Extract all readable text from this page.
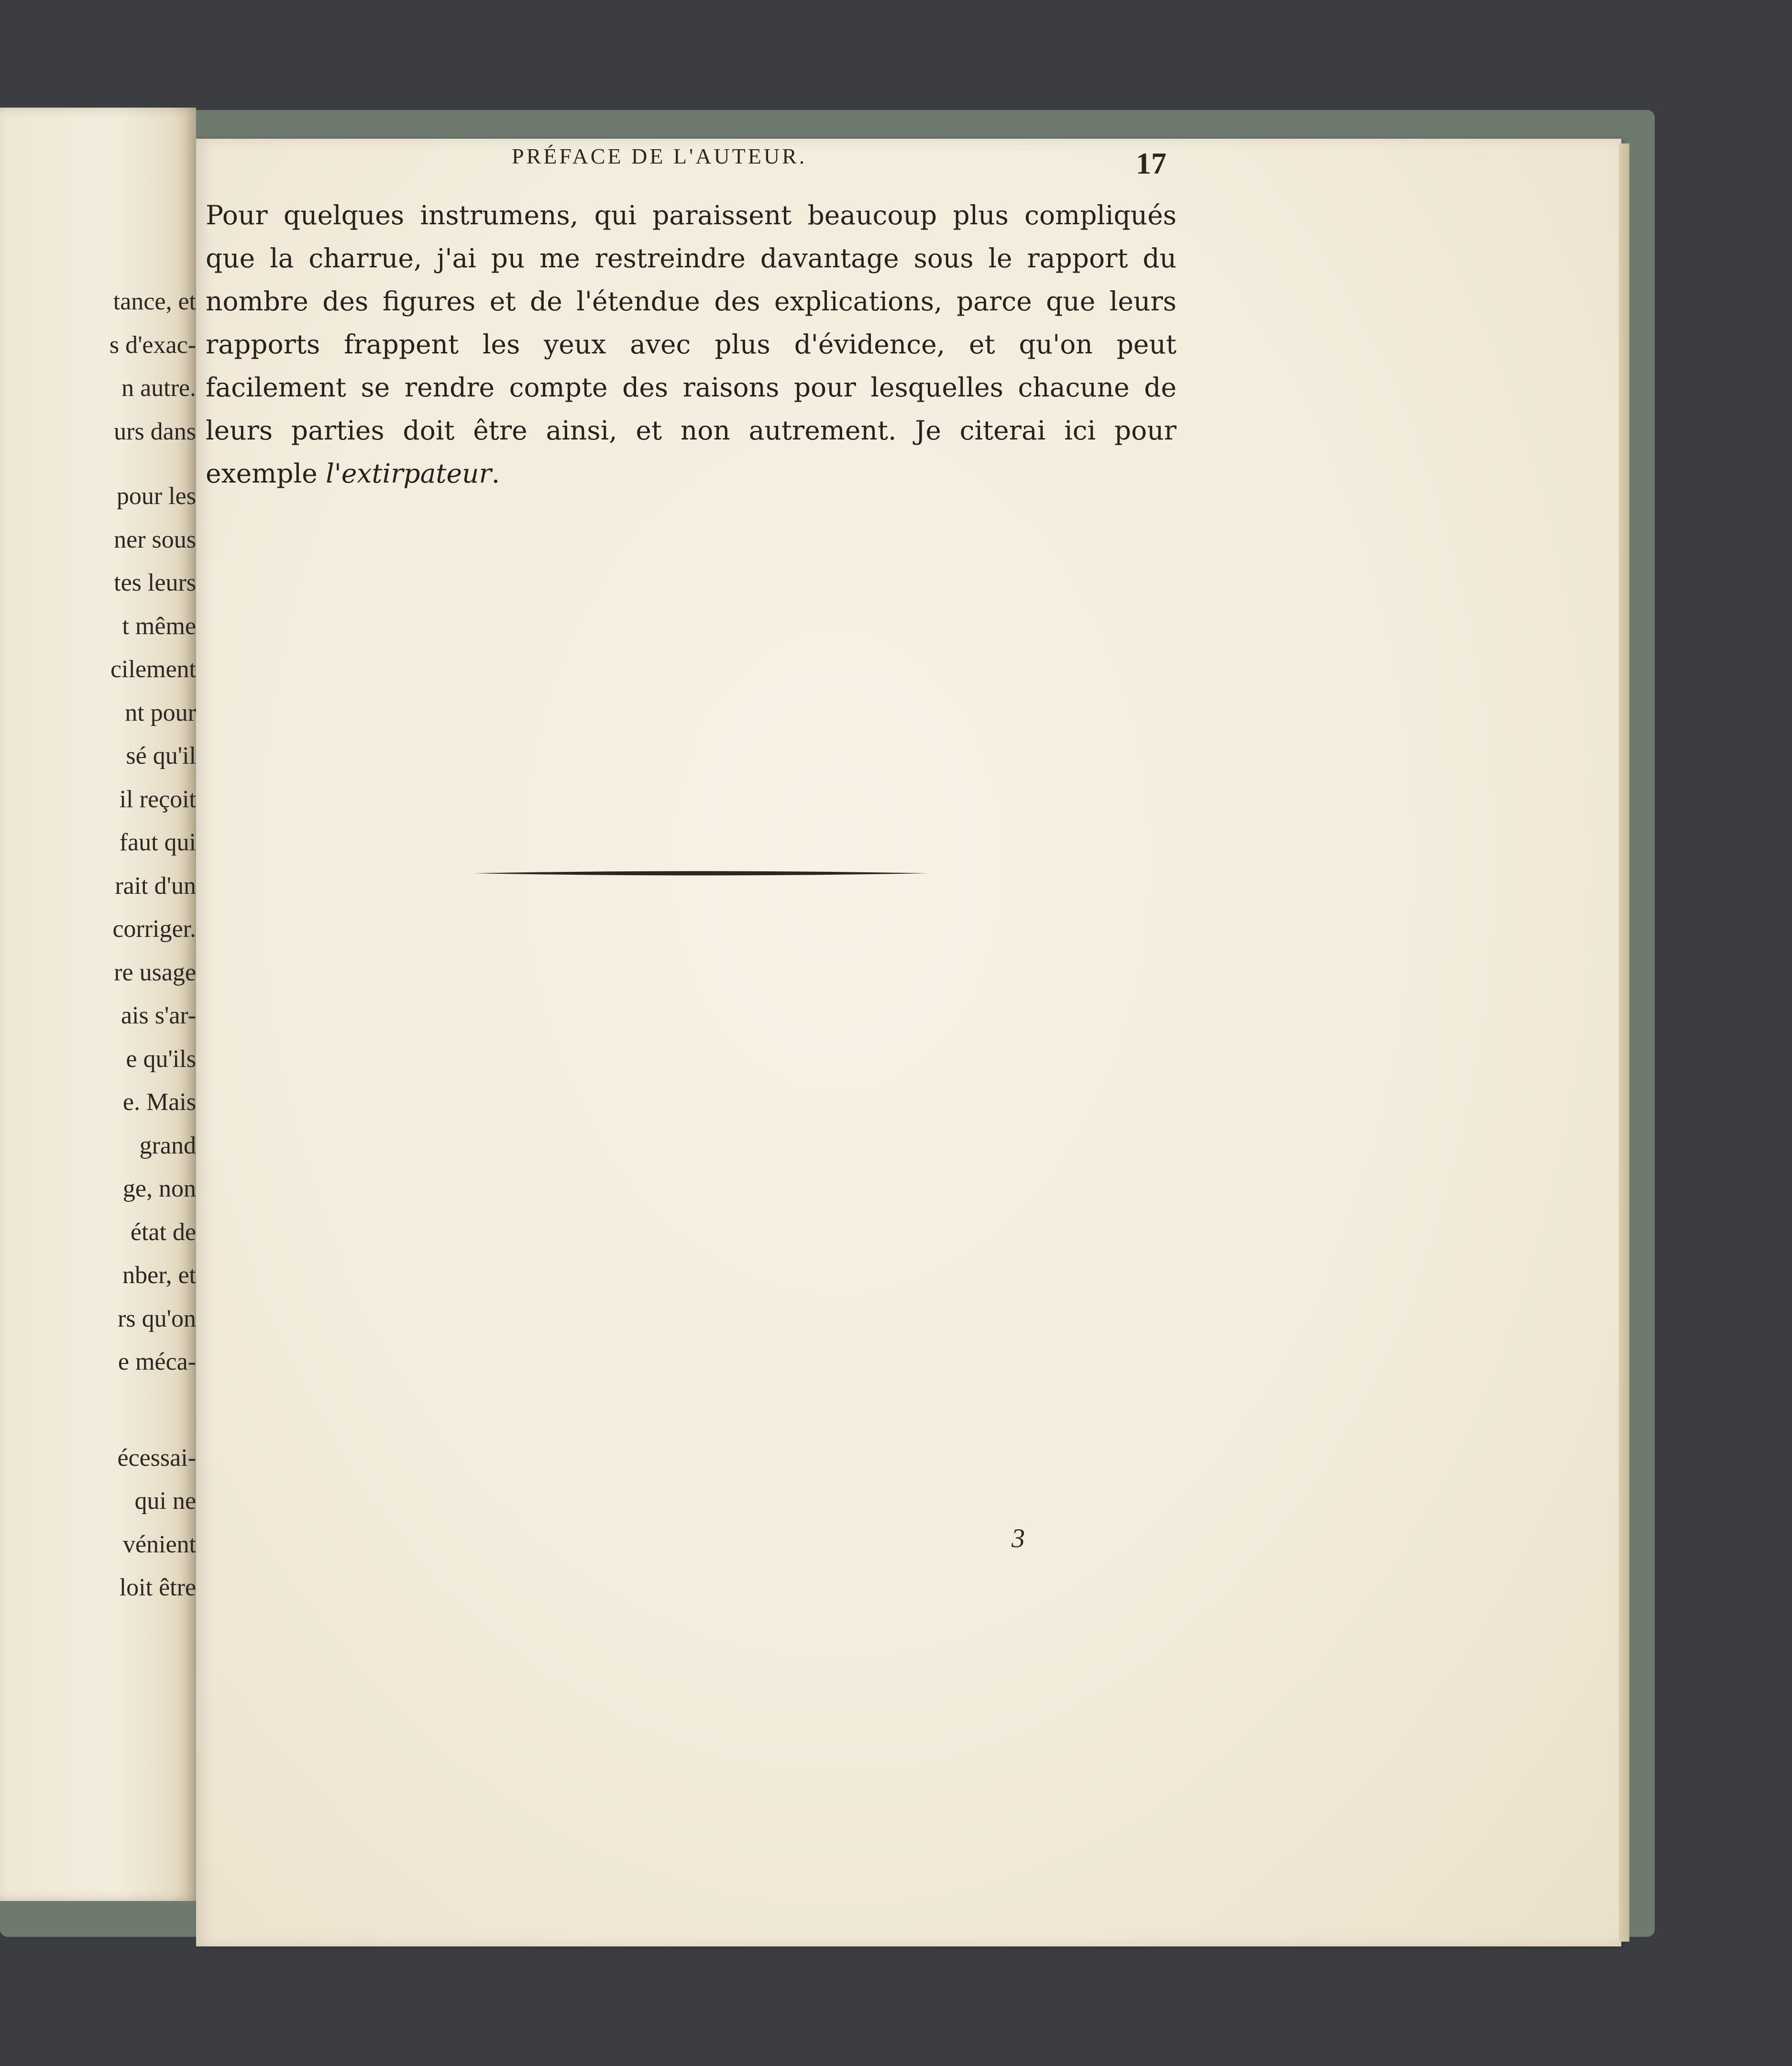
tance, et

s d'exac-

n autre.

urs dans

pour les

ner sous

tes leurs

t même

cilement

nt pour

sé qu'il

il reçoit

faut qui

rait d'un

corriger.

re usage

ais s'ar-

e qu'ils

e. Mais

grand

ge, non

état de

nber, et

rs qu'on

e méca-

écessai-

qui ne

vénient

loit être

PRÉFACE DE L'AUTEUR.	17

Pour quelques instrumens, qui paraissent beaucoup plus compliqués que la charrue, j'ai pu me restreindre davantage sous le rapport du nombre des figures et de l'étendue des explications, parce que leurs rapports frappent les yeux avec plus d'évidence, et qu'on peut facilement se rendre compte des raisons pour lesquelles chacune de leurs parties doit être ainsi, et non autrement. Je citerai ici pour exemple l'extirpateur.

3
